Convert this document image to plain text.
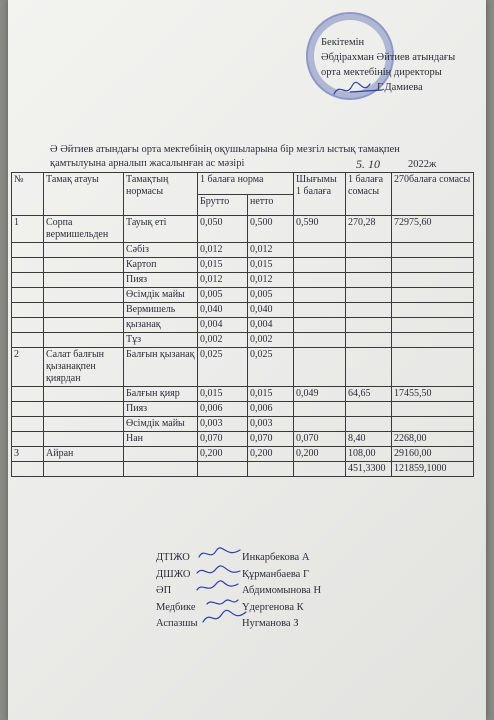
Бекітемін
Әбдірахман Әйтиев атындағы
орта мектебінің директоры
Г.Дамиева
Ә Әйтиев атындағы орта мектебінің оқушыларына бір мезгіл ыстық тамақпен
қамтылуына арналып жасалынған ас мәзірі	5. 10	2022ж
№	Тамақ атауы	Тамақтың нормасы	1 балаға норма		Шығымы 1 балаға	1 балаға сомасы	270балаға сомасы
			Брутто	нетто			
1	Сорпа вермишельден	Тауық еті	0,050	0,500	0,590	270,28	72975,60
		Сәбіз	0,012	0,012			
		Картоп	0,015	0,015			
		Пияз	0,012	0,012			
		Өсімдік майы	0,005	0,005			
		Вермишель	0,040	0,040			
		қызанақ	0,004	0,004			
		Тұз	0,002	0,002			
2	Салат балғын қызанақпен қиярдан	Балғын қызанақ	0,025	0,025			
		Балғын қияр	0,015	0,015	0,049	64,65	17455,50
		Пияз	0,006	0,006			
		Өсімдік майы	0,003	0,003			
		Нан	0,070	0,070	0,070	8,40	2268,00
3	Айран		0,200	0,200	0,200	108,00	29160,00
						451,3300	121859,1000
ДТІЖО	Инкарбекова А
ДШЖО	Құрманбаева Г
ӘП	Абдимомынова Н
Медбике	Үдергенова К
Аспазшы	Нугманова З
